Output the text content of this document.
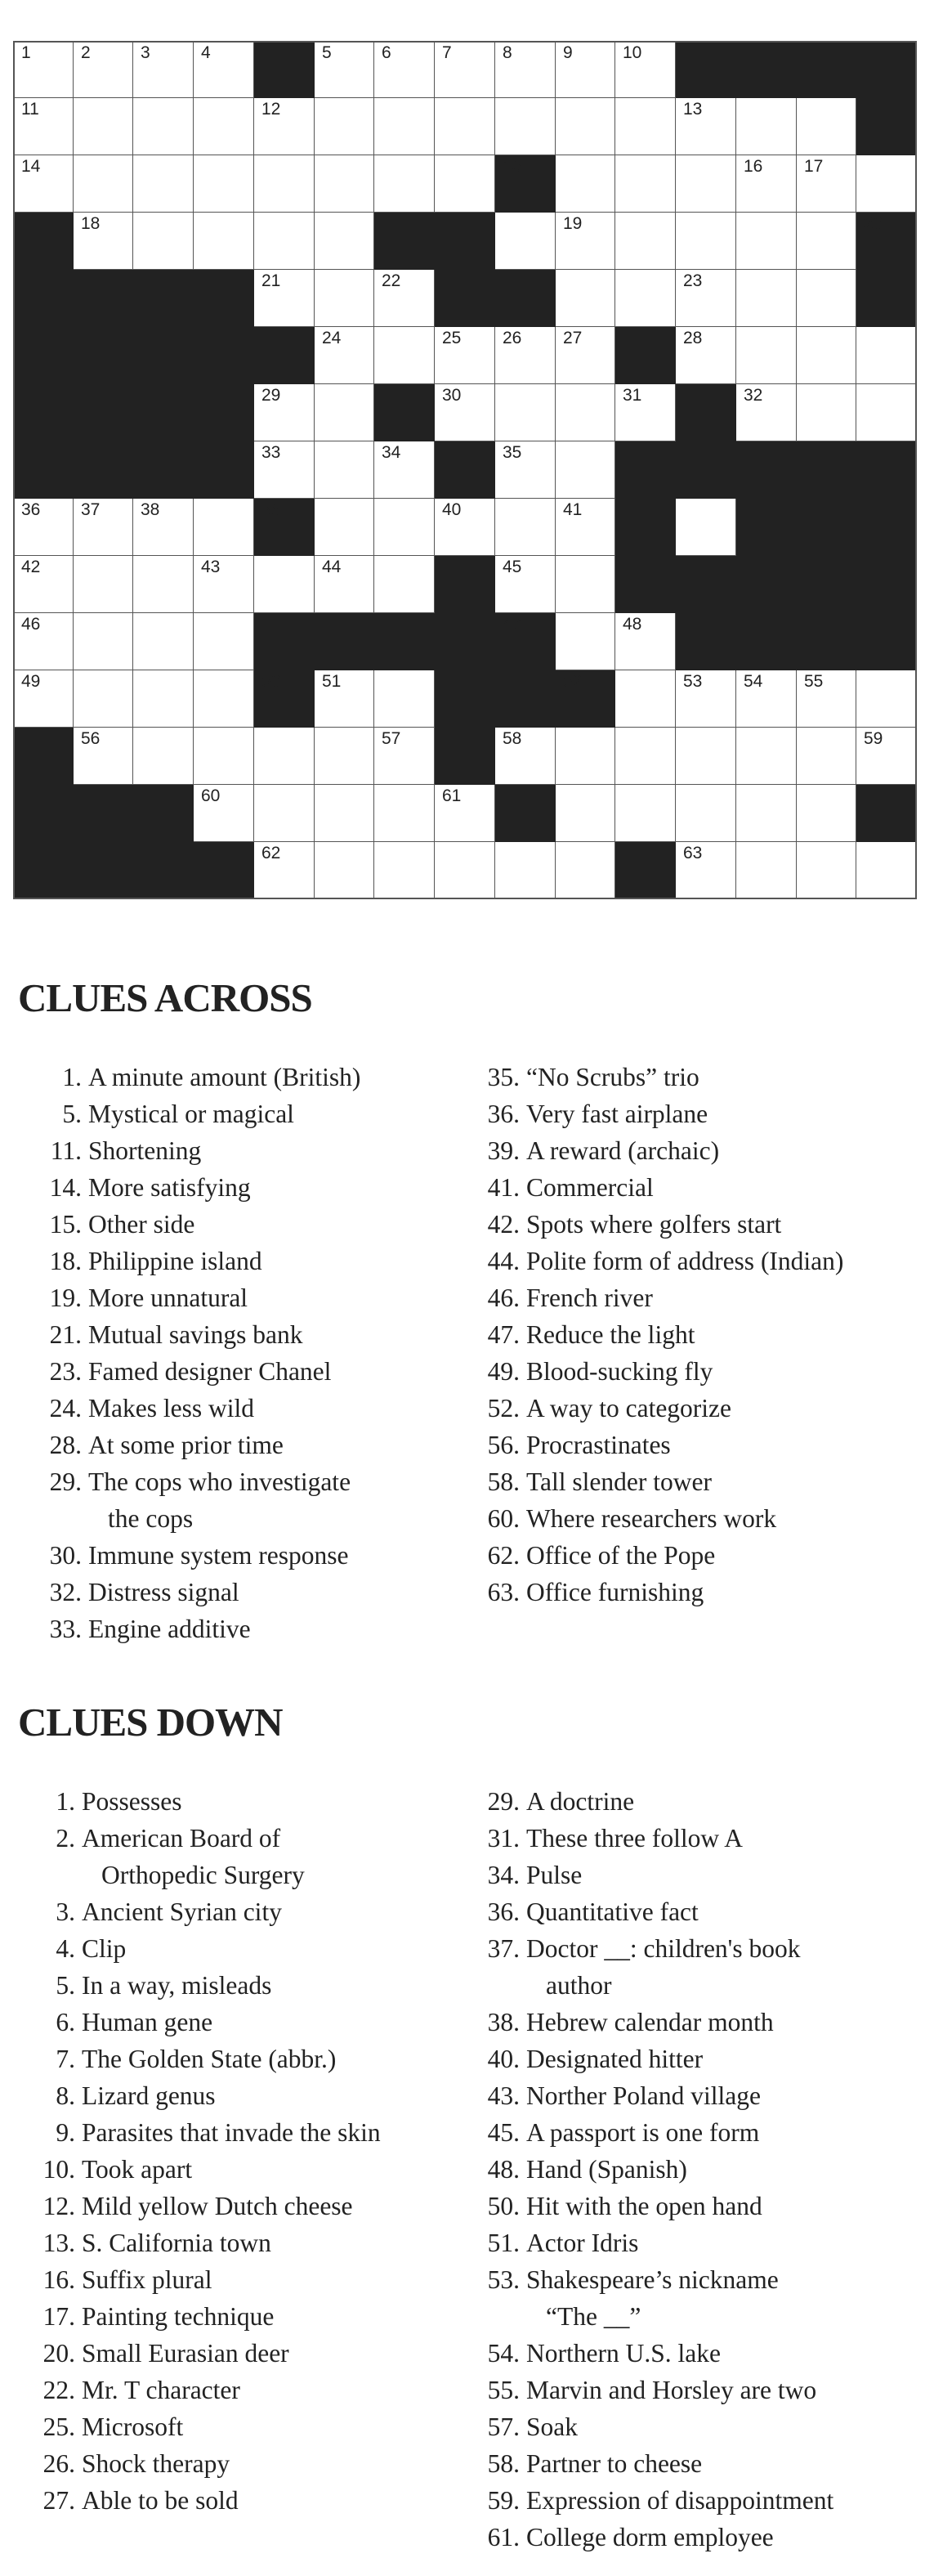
1	2	3	4	5	6	7	8	9	10
11	12	13
14	15	16 17
18	19	20
21	22	23
24	25 26 27	28
29	30	31	32
33	34	35
36 37 38	39	40	41
42	43	44	45
46	47	48
49	50 51	52	53 54 55
56	57	58	59
60	61
62	63
CLUES ACROSS
1. A minute amount (British)
5. Mystical or magical
11. Shortening
14. More satisfying
15. Other side
18. Philippine island
19. More unnatural
21. Mutual savings bank
23. Famed designer Chanel
24. Makes less wild
28. At some prior time
29. The cops who investigate
the cops
30. Immune system response
32. Distress signal
33. Engine additive
35. “No Scrubs” trio
36. Very fast airplane
39. A reward (archaic)
41. Commercial
42. Spots where golfers start
44. Polite form of address (Indian)
46. French river
47. Reduce the light
49. Blood-sucking fly
52. A way to categorize
56. Procrastinates
58. Tall slender tower
60. Where researchers work
62. Office of the Pope
63. Office furnishing
CLUES DOWN
1. Possesses
2. American Board of
Orthopedic Surgery
3. Ancient Syrian city
4. Clip
5. In a way, misleads
6. Human gene
7. The Golden State (abbr.)
8. Lizard genus
9. Parasites that invade the skin
10. Took apart
12. Mild yellow Dutch cheese
13. S. California town
16. Suffix plural
17. Painting technique
20. Small Eurasian deer
22. Mr. T character
25. Microsoft
26. Shock therapy
27. Able to be sold
29. A doctrine
31. These three follow A
34. Pulse
36. Quantitative fact
37. Doctor __: children's book
author
38. Hebrew calendar month
40. Designated hitter
43. Norther Poland village
45. A passport is one form
48. Hand (Spanish)
50. Hit with the open hand
51. Actor Idris
53. Shakespeare’s nickname
“The __”
54. Northern U.S. lake
55. Marvin and Horsley are two
57. Soak
58. Partner to cheese
59. Expression of disappointment
61. College dorm employee
